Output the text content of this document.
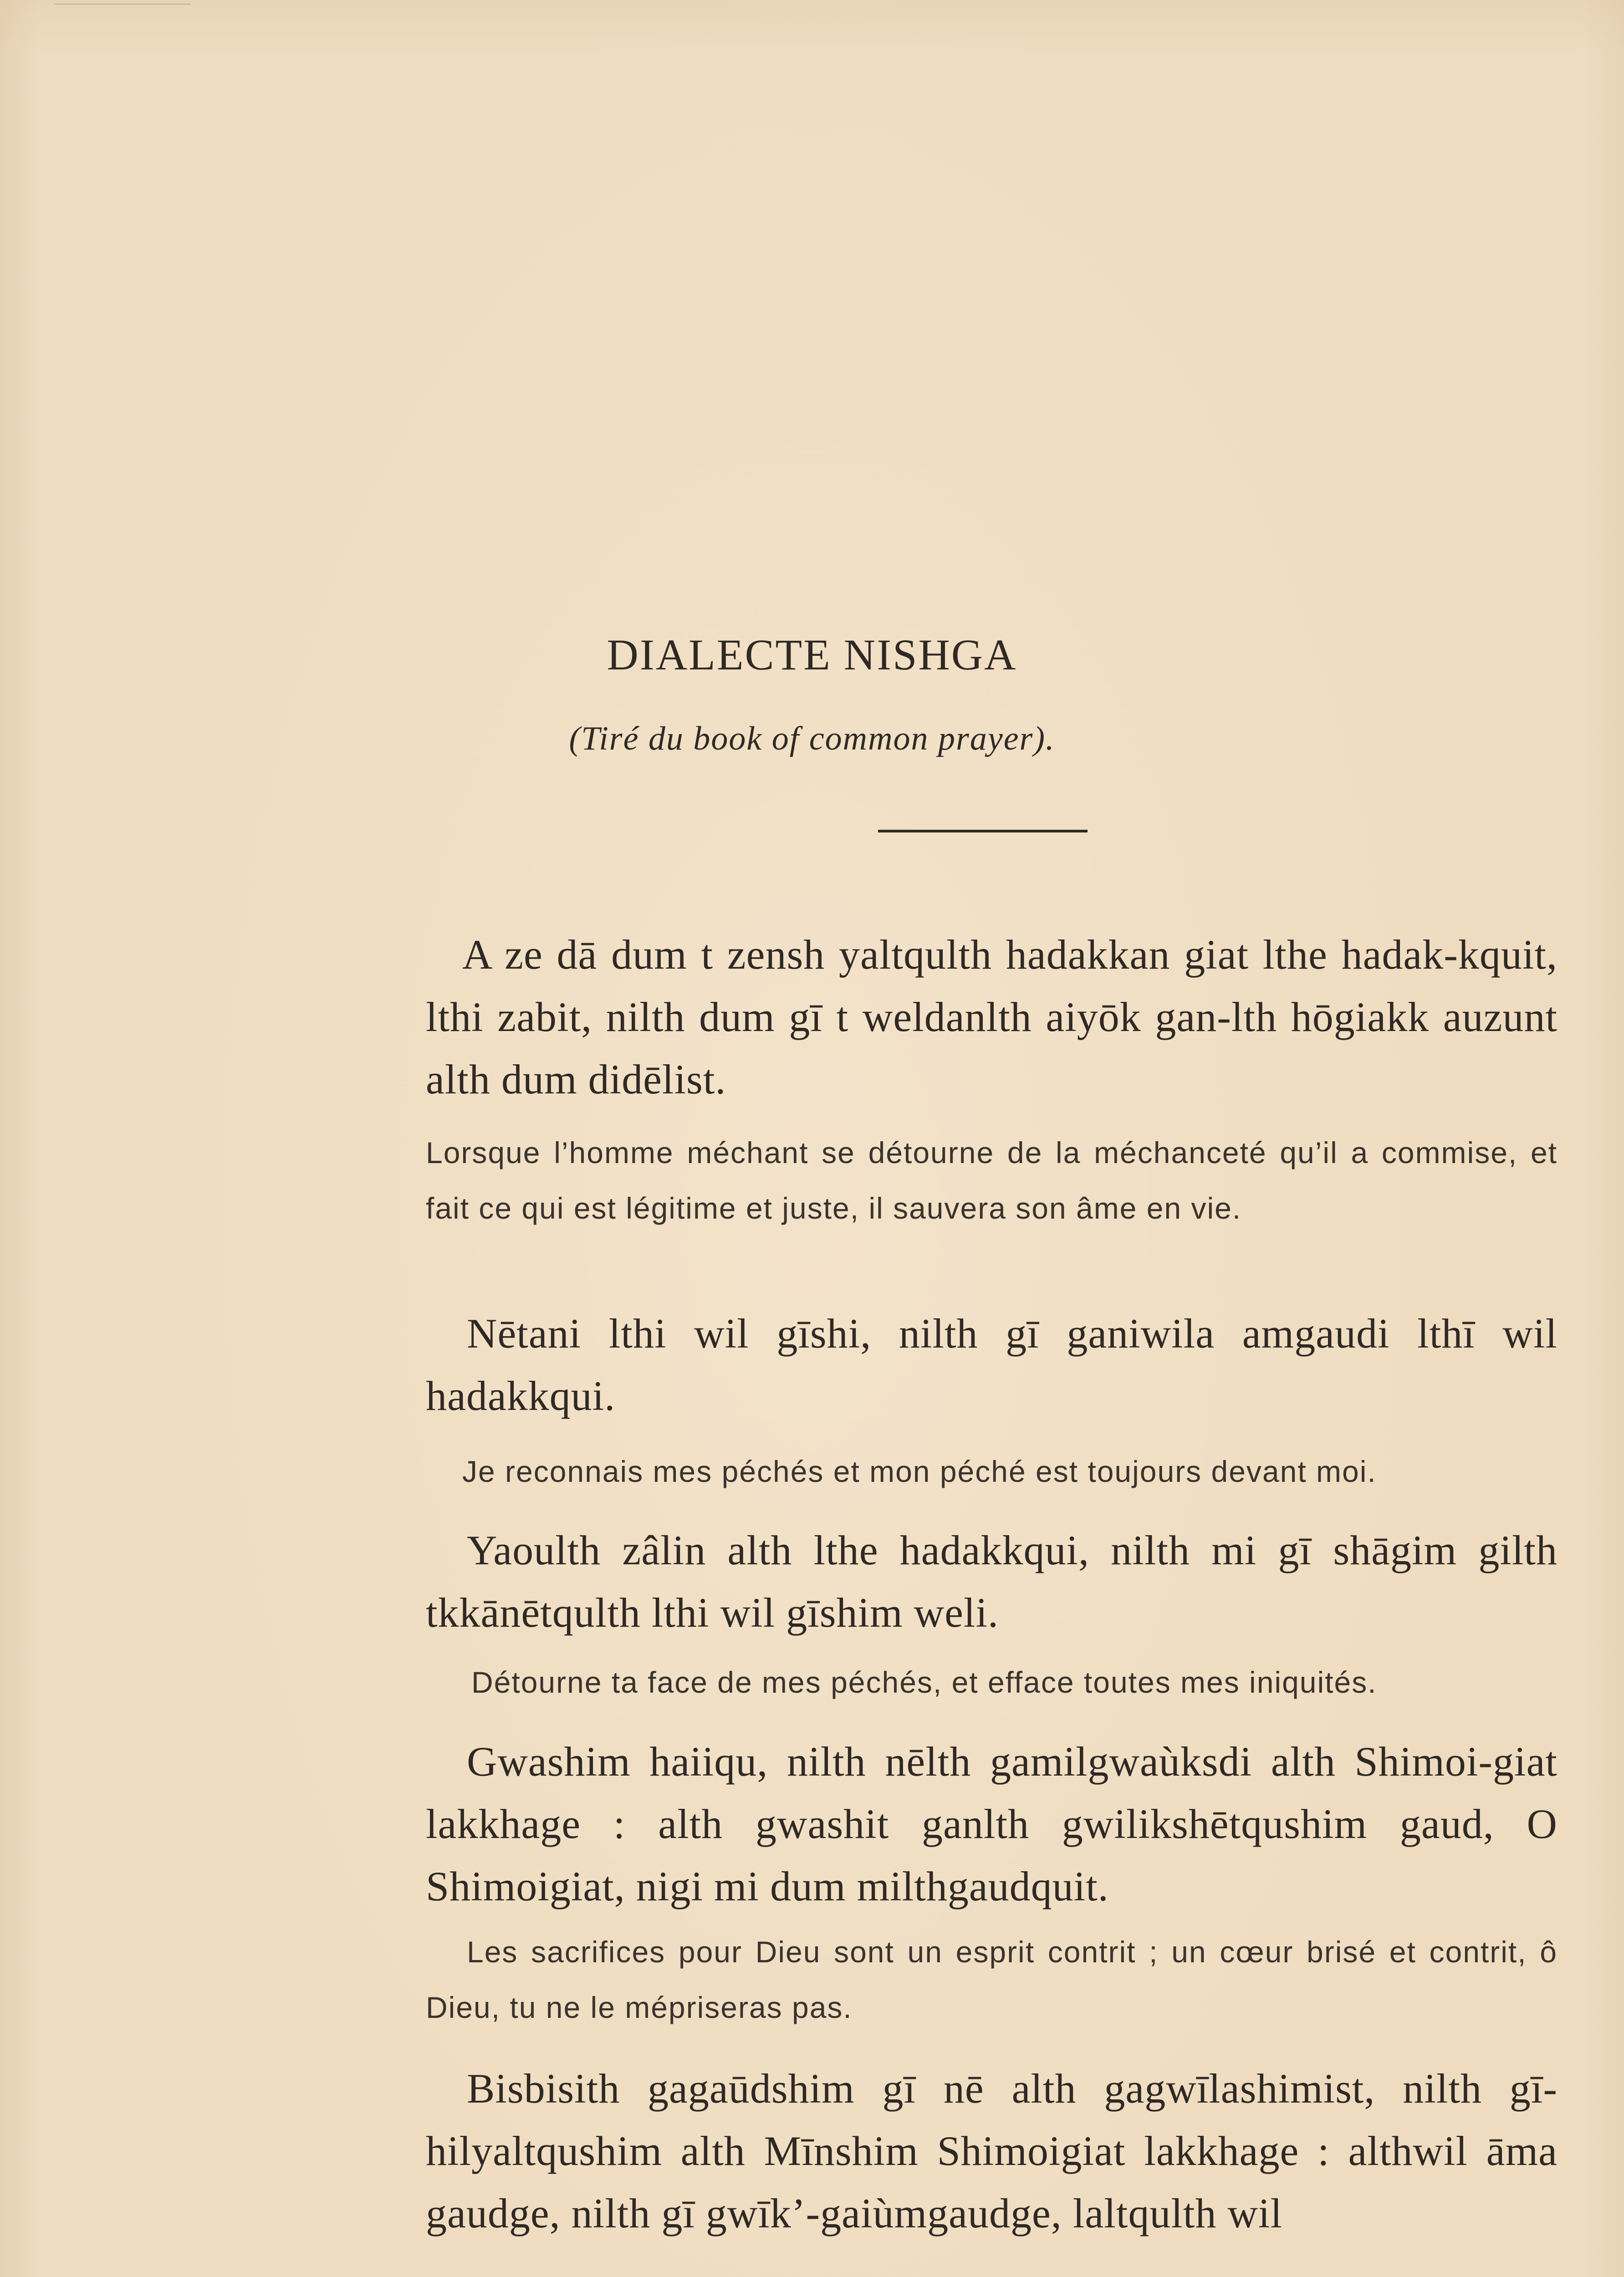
DIALECTE NISHGA
(Tiré du book of common prayer).

A ze dā dum t zensh yaltqulth hadakkan giat lthe hadak-kquit, lthi zabit, nilth dum gī t weldanlth aiyōk gan-lth hōgiakk auzunt alth dum didēlist.

Lorsque l’homme méchant se détourne de la méchanceté qu’il a commise, et fait ce qui est légitime et juste, il sauvera son âme en vie.

Nētani lthi wil gīshi, nilth gī ganiwila amgaudi lthī wil hadakkqui.

Je reconnais mes péchés et mon péché est toujours devant moi.

Yaoulth zâlin alth lthe hadakkqui, nilth mi gī shāgim gilth tkkānētqulth lthi wil gīshim weli.

Détourne ta face de mes péchés, et efface toutes mes iniquités.

Gwashim haiiqu, nilth nēlth gamilgwaùksdi alth Shimoi-giat lakkhage : alth gwashit ganlth gwilikshētqushim gaud, O Shimoigiat, nigi mi dum milthgaudquit.

Les sacrifices pour Dieu sont un esprit contrit ; un cœur brisé et contrit, ô Dieu, tu ne le mépriseras pas.

Bisbisith gagaūdshim gī nē alth gagwīlashimist, nilth gī-hilyaltqushim alth Mīnshim Shimoigiat lakkhage : althwil āma gaudge, nilth gī gwīk’-gaiùmgaudge, laltqulth wil
